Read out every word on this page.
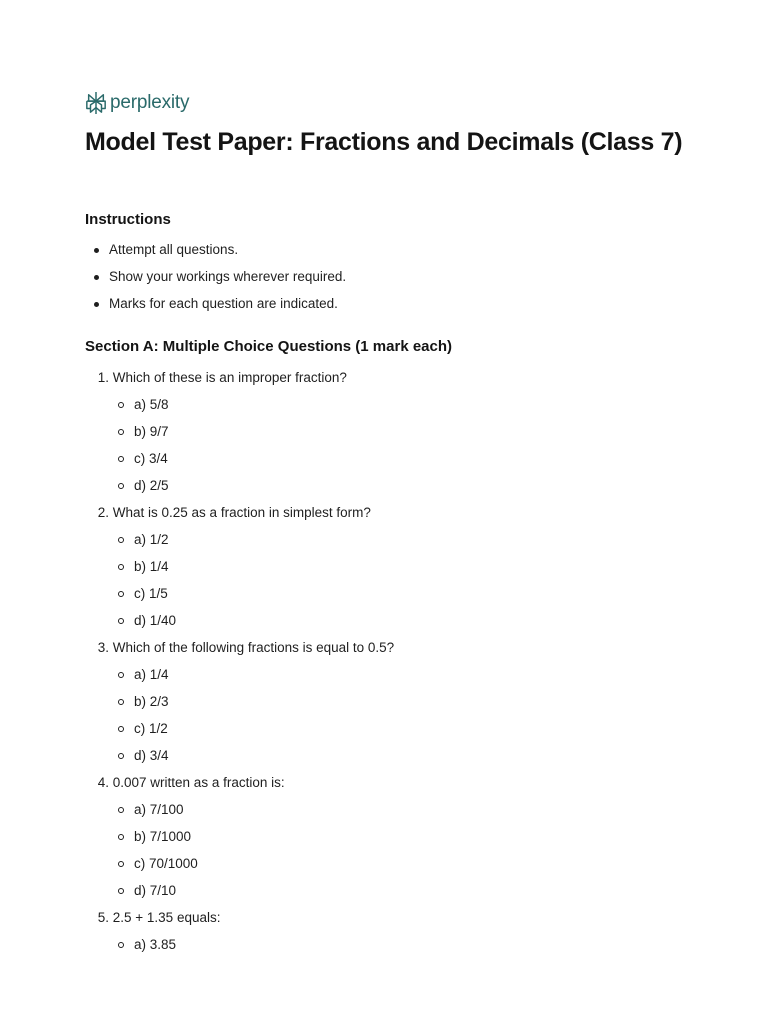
perplexity
Model Test Paper: Fractions and Decimals (Class 7)
Instructions
Attempt all questions.
Show your workings wherever required.
Marks for each question are indicated.
Section A: Multiple Choice Questions (1 mark each)
1.
Which of these is an improper fraction?
a) 5/8
b) 9/7
c) 3/4
d) 2/5
2.
What is 0.25 as a fraction in simplest form?
a) 1/2
b) 1/4
c) 1/5
d) 1/40
3.
Which of the following fractions is equal to 0.5?
a) 1/4
b) 2/3
c) 1/2
d) 3/4
4.
0.007 written as a fraction is:
a) 7/100
b) 7/1000
c) 70/1000
d) 7/10
5.
2.5 + 1.35 equals:
a) 3.85
